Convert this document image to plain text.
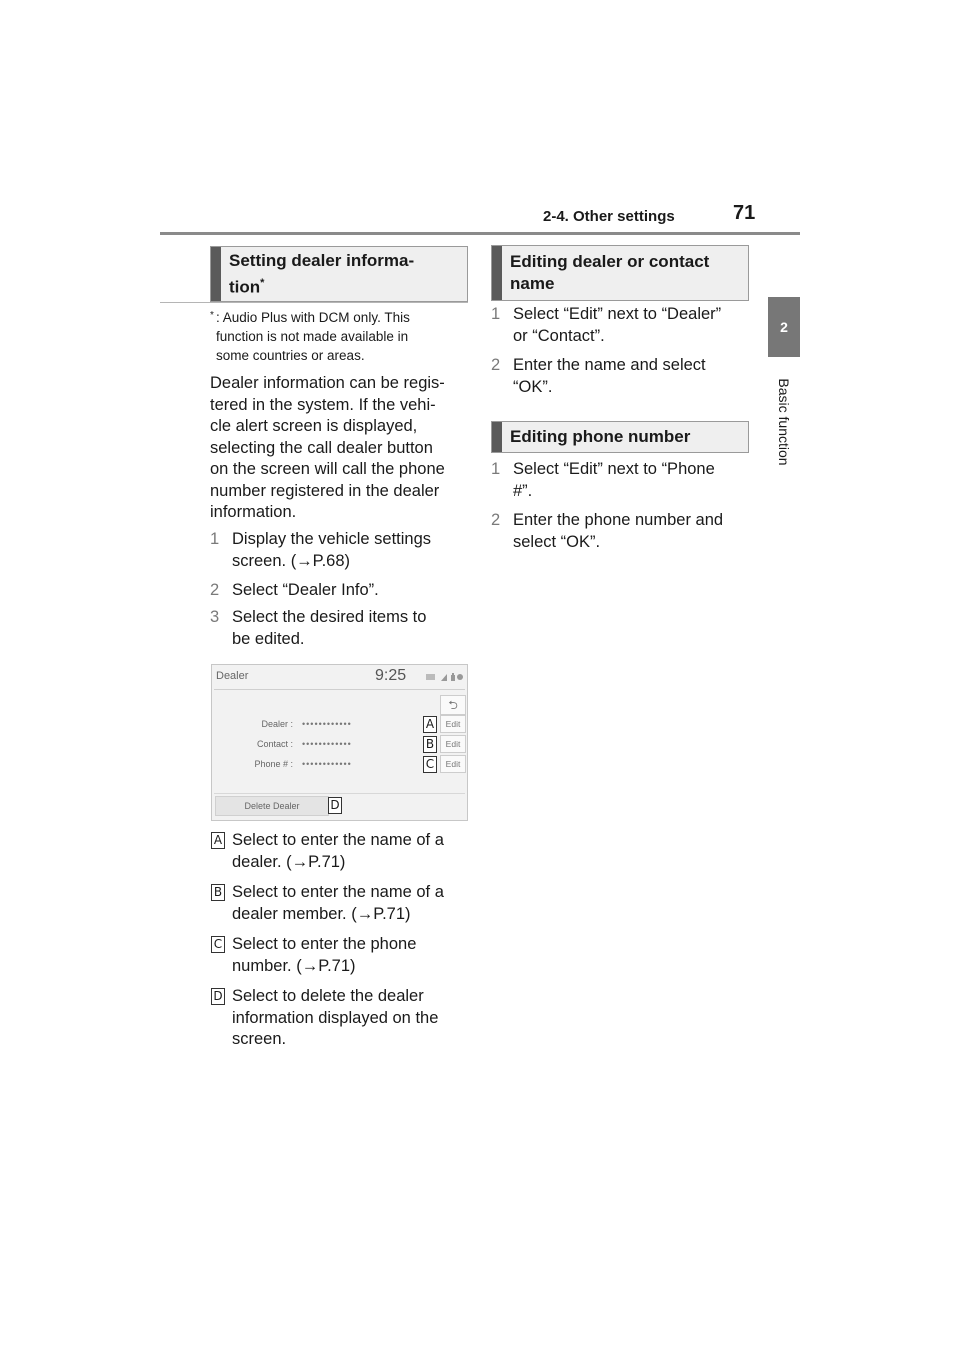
2-4. Other settings	71
2
Basic function
Setting dealer informa-
tion*
* : Audio Plus with DCM only. This
function is not made available in
some countries or areas.
Dealer information can be regis-
tered in the system. If the vehi-
cle alert screen is displayed,
selecting the call dealer button
on the screen will call the phone
number registered in the dealer
information.
1 Display the vehicle settings
screen. (→P.68)
2 Select “Dealer Info”.
3 Select the desired items to
be edited.
Dealer	9:25
⮌
Dealer : ••••••••••••	A	Edit
Contact : ••••••••••••	B	Edit
Phone # : ••••••••••••	C	Edit
Delete Dealer	D
A Select to enter the name of a
dealer. (→P.71)
B Select to enter the name of a
dealer member. (→P.71)
C Select to enter the phone
number. (→P.71)
D Select to delete the dealer
information displayed on the
screen.
Editing dealer or contact
name
1 Select “Edit” next to “Dealer”
or “Contact”.
2 Enter the name and select
“OK”.
Editing phone number
1 Select “Edit” next to “Phone
#”.
2 Enter the phone number and
select “OK”.
